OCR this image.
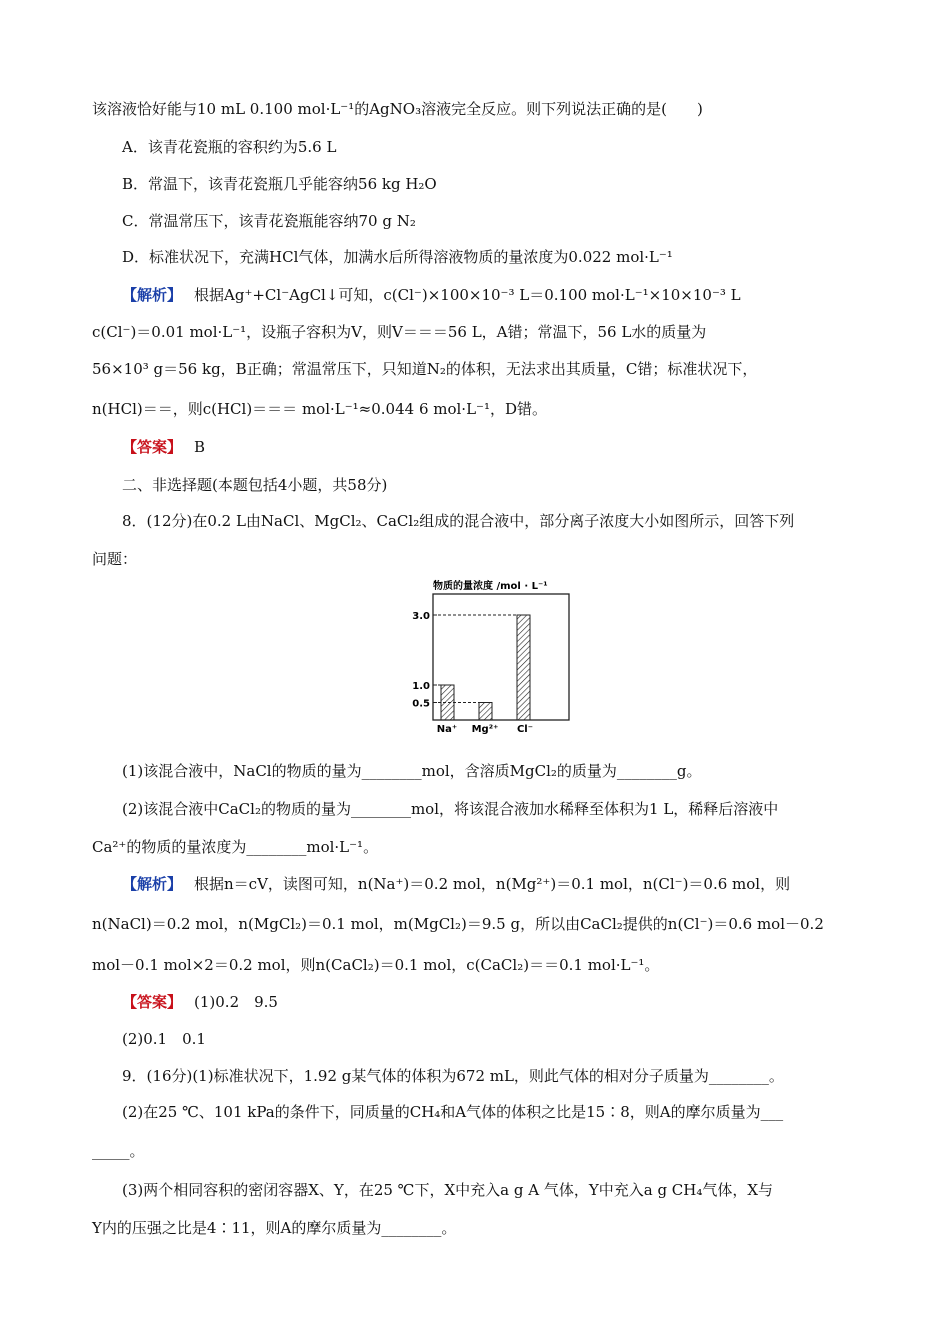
该溶液恰好能与10 mL 0.100 mol·L⁻¹的AgNO₃溶液完全反应。则下列说法正确的是(　　)
A．该青花瓷瓶的容积约为5.6 L
B．常温下，该青花瓷瓶几乎能容纳56 kg H₂O
C．常温常压下，该青花瓷瓶能容纳70 g N₂
D．标准状况下，充满HCl气体，加满水后所得溶液物质的量浓度为0.022 mol·L⁻¹
【解析】 根据Ag⁺+Cl⁻AgCl↓可知，c(Cl⁻)×100×10⁻³ L＝0.100 mol·L⁻¹×10×10⁻³ L
c(Cl⁻)＝0.01 mol·L⁻¹，设瓶子容积为V，则V＝＝＝56 L，A错；常温下，56 L水的质量为
56×10³ g＝56 kg，B正确；常温常压下，只知道N₂的体积，无法求出其质量，C错；标准状况下，
n(HCl)＝＝，则c(HCl)＝＝＝ mol·L⁻¹≈0.044 6 mol·L⁻¹，D错。
【答案】 B
二、非选择题(本题包括4小题，共58分)
8．(12分)在0.2 L由NaCl、MgCl₂、CaCl₂组成的混合液中，部分离子浓度大小如图所示，回答下列
问题：
物质的量浓度 /mol · L⁻¹
Na⁺ Mg²⁺ Cl⁻
3.0
1.0
0.5
(1)该混合液中，NaCl的物质的量为________mol，含溶质MgCl₂的质量为________g。
(2)该混合液中CaCl₂的物质的量为________mol，将该混合液加水稀释至体积为1 L，稀释后溶液中
Ca²⁺的物质的量浓度为________mol·L⁻¹。
【解析】 根据n＝cV，读图可知，n(Na⁺)＝0.2 mol，n(Mg²⁺)＝0.1 mol，n(Cl⁻)＝0.6 mol，则
n(NaCl)＝0.2 mol，n(MgCl₂)＝0.1 mol，m(MgCl₂)＝9.5 g，所以由CaCl₂提供的n(Cl⁻)＝0.6 mol－0.2
mol－0.1 mol×2＝0.2 mol，则n(CaCl₂)＝0.1 mol，c(CaCl₂)＝＝0.1 mol·L⁻¹。
【答案】 (1)0.2　9.5
(2)0.1　0.1
9．(16分)(1)标准状况下，1.92 g某气体的体积为672 mL，则此气体的相对分子质量为________。
(2)在25 ℃、101 kPa的条件下，同质量的CH₄和A气体的体积之比是15∶8，则A的摩尔质量为___
_____。
(3)两个相同容积的密闭容器X、Y，在25 ℃下，X中充入a g A 气体，Y中充入a g CH₄气体，X与
Y内的压强之比是4∶11，则A的摩尔质量为________。
